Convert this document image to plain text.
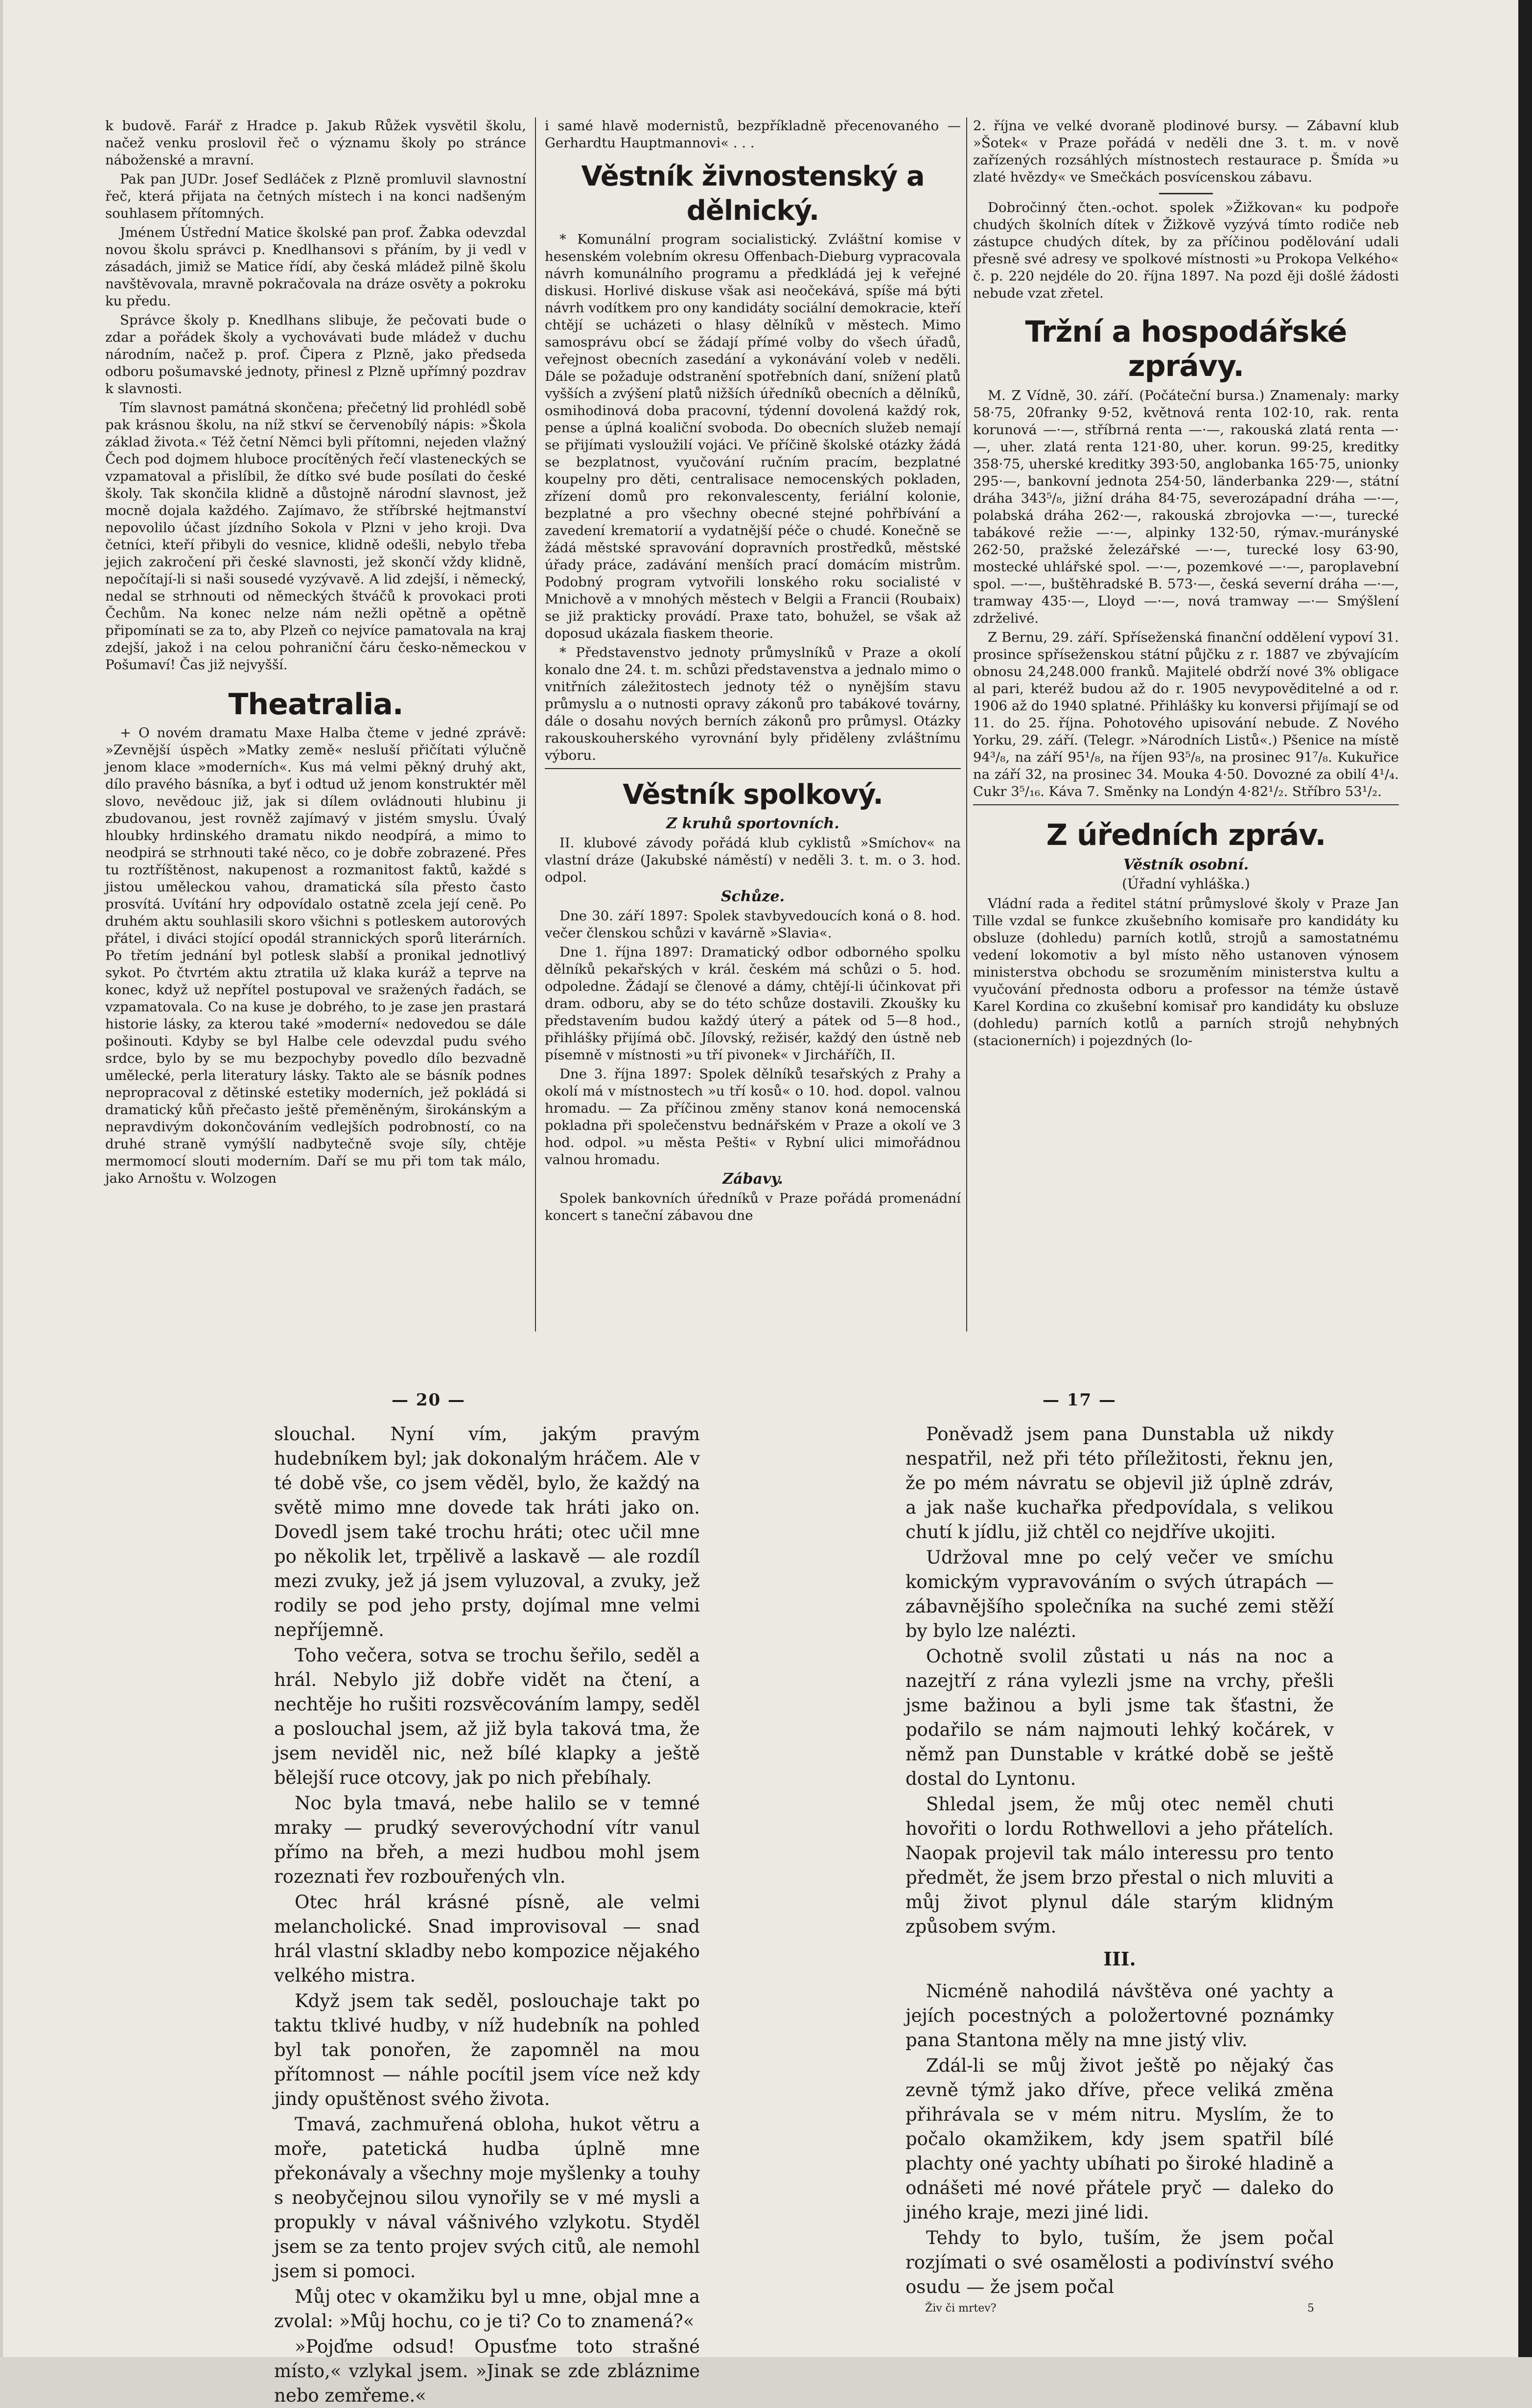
k budově. Farář z Hradce p. Jakub Růžek vysvětil školu, načež venku proslovil řeč o významu školy po stránce náboženské a mravní.

Pak pan JUDr. Josef Sedláček z Plzně promluvil slavnostní řeč, která přijata na četných místech i na konci nadšeným souhlasem přítomných.

Jménem Ústřední Matice školské pan prof. Žabka odevzdal novou školu správci p. Knedlhansovi s přáním, by ji vedl v zásadách, jimiž se Matice řídí, aby česká mládež pilně školu navštěvovala, mravně pokračovala na dráze osvěty a pokroku ku předu.

Správce školy p. Knedlhans slibuje, že pečovati bude o zdar a pořádek školy a vychovávati bude mládež v duchu národním, načež p. prof. Čipera z Plzně, jako předseda odboru pošumavské jednoty, přinesl z Plzně upřímný pozdrav k slavnosti.

Tím slavnost památná skončena; přečetný lid prohlédl sobě pak krásnou školu, na níž stkví se červenobílý nápis: »Škola základ života.« Též četní Němci byli přítomni, nejeden vlažný Čech pod dojmem hluboce procítěných řečí vlasteneckých se vzpamatoval a přislíbil, že dítko své bude posílati do české školy. Tak skončila klidně a důstojně národní slavnost, jež mocně dojala každého. Zajímavo, že stříbrské hejtmanství nepovolilo účast jízdního Sokola v Plzni v jeho kroji. Dva četníci, kteří přibyli do vesnice, klidně odešli, nebylo třeba jejich zakročení při české slavnosti, jež skončí vždy klidně, nepočítají-li si naši sousedé vyzývavě. A lid zdejší, i německý, nedal se strhnouti od německých štváčů k provokaci proti Čechům. Na konec nelze nám nežli opětně a opětně připomínati se za to, aby Plzeň co nejvíce pamatovala na kraj zdejší, jakož i na celou pohraniční čáru česko-německou v Pošumaví! Čas již nejvyšší.

Theatralia.

+ O novém dramatu Maxe Halba čteme v jedné zprávě: »Zevnější úspěch »Matky země« nesluší přičítati výlučně jenom klace »moderních«. Kus má velmi pěkný druhý akt, dílo pravého básníka, a byť i odtud už jenom konstruktér měl slovo, nevědouc již, jak si dílem ovládnouti hlubinu ji zbudovanou, jest rovněž zajímavý v jistém smyslu. Úvalý hloubky hrdinského dramatu nikdo neodpírá, a mimo to neodpirá se strhnouti také něco, co je dobře zobrazené. Přes tu roztříštěnost, nakupenost a rozmanitost faktů, každé s jistou uměleckou vahou, dramatická síla přesto často prosvítá. Uvítání hry odpovídalo ostatně zcela její ceně. Po druhém aktu souhlasili skoro všichni s potleskem autorových přátel, i diváci stojící opodál strannických sporů literárních. Po třetím jednání byl potlesk slabší a pronikal jednotlivý sykot. Po čtvrtém aktu ztratila už klaka kuráž a teprve na konec, když už nepřítel postupoval ve sražených řadách, se vzpamatovala. Co na kuse je dobrého, to je zase jen prastará historie lásky, za kterou také »moderní« nedovedou se dále pošinouti. Kdyby se byl Halbe cele odevzdal pudu svého srdce, bylo by se mu bezpochyby povedlo dílo bezvadně umělecké, perla literatury lásky. Takto ale se básník podnes nepropracoval z dětinské estetiky moderních, jež pokládá si dramatický kůň přečasto ještě přeměněným, širokánským a nepravdivým dokončováním vedlejších podrobností, co na druhé straně vymýšlí nadbytečně svoje síly, chtěje mermomocí slouti moderním. Daří se mu při tom tak málo, jako Arnoštu v. Wolzogen

i samé hlavě modernistů, bezpříkladně přecenovaného — Gerhardtu Hauptmannovi« . . .

Věstník živnostenský a dělnický.

* Komunální program socialistický. Zvláštní komise v hesenském volebním okresu Offenbach-Dieburg vypracovala návrh komunálního programu a předkládá jej k veřejné diskusi. Horlivé diskuse však asi neočekává, spíše má býti návrh vodítkem pro ony kandidáty sociální demokracie, kteří chtějí se ucházeti o hlasy dělníků v městech. Mimo samosprávu obcí se žádají přímé volby do všech úřadů, veřejnost obecních zasedání a vykonávání voleb v neděli. Dále se požaduje odstranění spotřebních daní, snížení platů vyšších a zvýšení platů nižších úředníků obecních a dělníků, osmihodinová doba pracovní, týdenní dovolená každý rok, pense a úplná koaliční svoboda. Do obecních služeb nemají se přijímati vysloužilí vojáci. Ve příčině školské otázky žádá se bezplatnost, vyučování ručním pracím, bezplatné koupelny pro děti, centralisace nemocenských pokladen, zřízení domů pro rekonvalescenty, feriální kolonie, bezplatné a pro všechny obecné stejné pohřbívání a zavedení krematorií a vydatnější péče o chudé. Konečně se žádá městské spravování dopravních prostředků, městské úřady práce, zadávání menších prací domácím mistrům. Podobný program vytvořili lonského roku socialisté v Mnichově a v mnohých městech v Belgii a Francii (Roubaix) se již prakticky provádí. Praxe tato, bohužel, se však až doposud ukázala fiaskem theorie.

* Představenstvo jednoty průmyslníků v Praze a okolí konalo dne 24. t. m. schůzi představenstva a jednalo mimo o vnitřních záležitostech jednoty též o nynějším stavu průmyslu a o nutnosti opravy zákonů pro tabákové továrny, dále o dosahu nových berních zákonů pro průmysl. Otázky rakouskouherského vyrovnání byly přiděleny zvláštnímu výboru.

Věstník spolkový.
Z kruhů sportovních.

II. klubové závody pořádá klub cyklistů »Smíchov« na vlastní dráze (Jakubské náměstí) v neděli 3. t. m. o 3. hod. odpol.

Schůze.

Dne 30. září 1897: Spolek stavbyvedoucích koná o 8. hod. večer členskou schůzi v kavárně »Slavia«.

Dne 1. října 1897: Dramatický odbor odborného spolku dělníků pekařských v král. českém má schůzi o 5. hod. odpoledne. Žádají se členové a dámy, chtějí-li účinkovat při dram. odboru, aby se do této schůze dostavili. Zkoušky ku představením budou každý úterý a pátek od 5—8 hod., přihlášky přijímá obč. Jílovský, režisér, každý den ústně neb písemně v místnosti »u tří pivonek« v Jircháříčh, II.

Dne 3. října 1897: Spolek dělníků tesařských z Prahy a okolí má v místnostech »u tří kosů« o 10. hod. dopol. valnou hromadu. — Za příčinou změny stanov koná nemocenská pokladna při společenstvu bednářském v Praze a okolí ve 3 hod. odpol. »u města Pešti« v Rybní ulici mimořádnou valnou hromadu.

Zábavy.

Spolek bankovních úředníků v Praze pořádá promenádní koncert s taneční zábavou dne

2. října ve velké dvoraně plodinové bursy. — Zábavní klub »Šotek« v Praze pořádá v neděli dne 3. t. m. v nově zařízených rozsáhlých místnostech restaurace p. Šmída »u zlaté hvězdy« ve Smečkách posvícenskou zábavu.

Dobročinný čten.-ochot. spolek »Žižkovan« ku podpoře chudých školních dítek v Žižkově vyzývá tímto rodiče neb zástupce chudých dítek, by za příčinou podělování udali přesně své adresy ve spolkové místnosti »u Prokopa Velkého« č. p. 220 nejdéle do 20. října 1897. Na pozd ěji došlé žádosti nebude vzat zřetel.

Tržní a hospodářské zprávy.

M. Z Vídně, 30. září. (Počáteční bursa.) Znamenaly: marky 58·75, 20franky 9·52, květnová renta 102·10, rak. renta korunová —·—, stříbrná renta —·—, rakouská zlatá renta —·—, uher. zlatá renta 121·80, uher. korun. 99·25, kreditky 358·75, uherské kreditky 393·50, anglobanka 165·75, unionky 295·—, bankovní jednota 254·50, länderbanka 229·—, státní dráha 343⁵/₈, jižní dráha 84·75, severozápadní dráha —·—, polabská dráha 262·—, rakouská zbrojovka —·—, turecké tabákové režie —·—, alpinky 132·50, rýmav.-murányské 262·50, pražské železářské —·—, turecké losy 63·90, mostecké uhlářské spol. —·—, pozemkové —·—, paroplavební spol. —·—, buštěhradské B. 573·—, česká severní dráha —·—, tramway 435·—, Lloyd —·—, nová tramway —·— Smýšlení zdrželivé.

Z Bernu, 29. září. Spříseženská finanční oddělení vypoví 31. prosince spříseženskou státní půjčku z r. 1887 ve zbývajícím obnosu 24,248.000 franků. Majitelé obdrží nové 3% obligace al pari, kteréž budou až do r. 1905 nevypověditelné a od r. 1906 až do 1940 splatné. Přihlášky ku konversi přijímají se od 11. do 25. října. Pohotového upisování nebude. Z Nového Yorku, 29. září. (Telegr. »Národních Listů«.) Pšenice na místě 94³/₈, na září 95¹/₈, na říjen 93⁵/₈, na prosinec 91⁷/₈. Kukuřice na září 32, na prosinec 34. Mouka 4·50. Dovozné za obilí 4¹/₄. Cukr 3⁵/₁₆. Káva 7. Směnky na Londýn 4·82¹/₂. Stříbro 53¹/₂.

Z úředních zpráv.
Věstník osobní.
(Úřadní vyhláška.)

Vládní rada a ředitel státní průmyslové školy v Praze Jan Tille vzdal se funkce zkušebního komisaře pro kandidáty ku obsluze (dohledu) parních kotlů, strojů a samostatnému vedení lokomotiv a byl místo něho ustanoven výnosem ministerstva obchodu se srozuměním ministerstva kultu a vyučování přednosta odboru a professor na témže ústavě Karel Kordina co zkušební komisař pro kandidáty ku obsluze (dohledu) parních kotlů a parních strojů nehybných (stacionerních) i pojezdných (lo-

— 20 —	— 17 —

slouchal. Nyní vím, jakým pravým hudebníkem byl; jak dokonalým hráčem. Ale v té době vše, co jsem věděl, bylo, že každý na světě mimo mne dovede tak hráti jako on. Dovedl jsem také trochu hráti; otec učil mne po několik let, trpělivě a laskavě — ale rozdíl mezi zvuky, jež já jsem vyluzoval, a zvuky, jež rodily se pod jeho prsty, dojímal mne velmi nepříjemně.

Toho večera, sotva se trochu šeřilo, seděl a hrál. Nebylo již dobře vidět na čtení, a nechtěje ho rušiti rozsvěcováním lampy, seděl a poslouchal jsem, až již byla taková tma, že jsem neviděl nic, než bílé klapky a ještě bělejší ruce otcovy, jak po nich přebíhaly.

Noc byla tmavá, nebe halilo se v temné mraky — prudký severovýchodní vítr vanul přímo na břeh, a mezi hudbou mohl jsem rozeznati řev rozbouřených vln.

Otec hrál krásné písně, ale velmi melancholické. Snad improvisoval — snad hrál vlastní skladby nebo kompozice nějakého velkého mistra.

Když jsem tak seděl, poslouchaje takt po taktu tklivé hudby, v níž hudebník na pohled byl tak ponořen, že zapomněl na mou přítomnost — náhle pocítil jsem více než kdy jindy opuštěnost svého života.

Tmavá, zachmuřená obloha, hukot větru a moře, patetická hudba úplně mne překonávaly a všechny moje myšlenky a touhy s neobyčejnou silou vynořily se v mé mysli a propukly v nával vášnivého vzlykotu. Styděl jsem se za tento projev svých citů, ale nemohl jsem si pomoci.

Můj otec v okamžiku byl u mne, objal mne a zvolal: »Můj hochu, co je ti? Co to znamená?«

»Pojďme odsud! Opusťme toto strašné místo,« vzlykal jsem. »Jinak se zde zbláznime nebo zemřeme.«

Poněvadž jsem pana Dunstabla už nikdy nespatřil, než při této příležitosti, řeknu jen, že po mém návratu se objevil již úplně zdráv, a jak naše kuchařka předpovídala, s velikou chutí k jídlu, již chtěl co nejdříve ukojiti.

Udržoval mne po celý večer ve smíchu komickým vypravováním o svých útrapách — zábavnějšího společníka na suché zemi stěží by bylo lze nalézti.

Ochotně svolil zůstati u nás na noc a nazejtří z rána vylezli jsme na vrchy, přešli jsme bažinou a byli jsme tak šťastni, že podařilo se nám najmouti lehký kočárek, v němž pan Dunstable v krátké době se ještě dostal do Lyntonu.

Shledal jsem, že můj otec neměl chuti hovořiti o lordu Rothwellovi a jeho přátelích. Naopak projevil tak málo interessu pro tento předmět, že jsem brzo přestal o nich mluviti a můj život plynul dále starým klidným způsobem svým.

III.

Nicméně nahodilá návštěva oné yachty a jejích pocestných a položertovné poznámky pana Stantona měly na mne jistý vliv.

Zdál-li se můj život ještě po nějaký čas zevně týmž jako dříve, přece veliká změna přihrávala se v mém nitru. Myslím, že to počalo okamžikem, kdy jsem spatřil bílé plachty oné yachty ubíhati po široké hladině a odnášeti mé nové přátele pryč — daleko do jiného kraje, mezi jiné lidi.

Tehdy to bylo, tuším, že jsem počal rozjímati o své osamělosti a podivínství svého osudu — že jsem počal

Živ či mrtev?	5
